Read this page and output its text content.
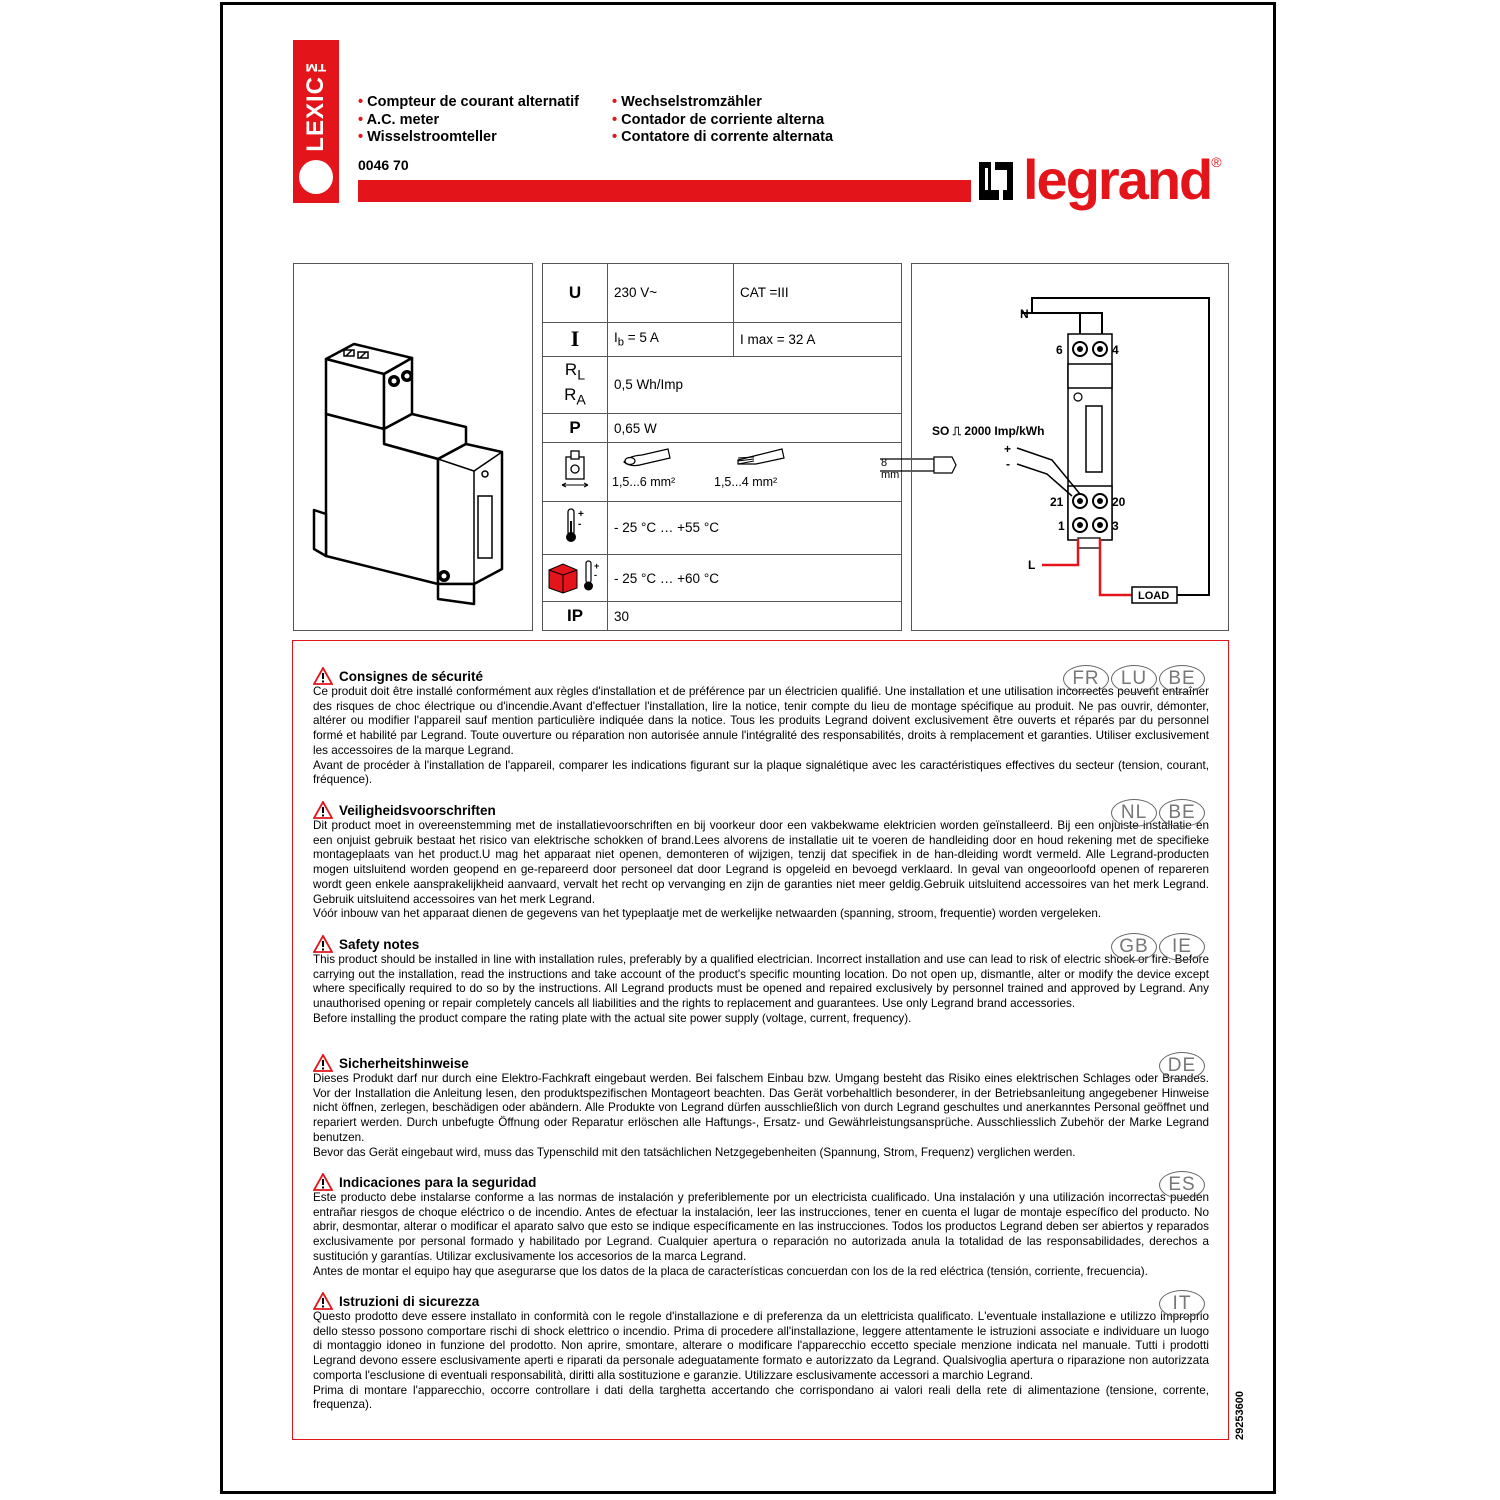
LEXIC™	• Compteur de courant alternatif
• A.C. meter
• Wisselstroomteller
• Wechselstromzähler
• Contador de corriente alterna
• Contatore di corrente alternata
0046 70	legrand ®
U	230 V~	CAT =III
I	$I_b = 5$ A	I max = 32 A
$R_L$
$R_A$	0,5 Wh/Imp	
P	0,65 W	

1,5...6 mm² 1,5...4 mm²
8 mm	

+
-	- 25 °C … +55 °C	

+
-	- 25 °C … +60 °C	
IP	30	
LOAD
N
6	4
21	20
1	3
SO ⎍ 2000 Imp/kWh
+
-
L
FR	LU	BE
Consignes de sécurité

Ce produit doit être installé conformément aux règles d'installation et de préférence par un électricien qualifié. Une installation et une utilisation incorrectes peuvent entraîner des risques de choc électrique ou d'incendie.Avant d'effectuer l'installation, lire la notice, tenir compte du lieu de montage spécifique au produit. Ne pas ouvrir, démonter, altérer ou modifier l'appareil sauf mention particulière indiquée dans la notice. Tous les produits Legrand doivent exclusivement être ouverts et réparés par du personnel formé et habilité par Legrand. Toute ouverture ou réparation non autorisée annule l'intégralité des responsabilités, droits à remplacement et garanties. Utiliser exclusivement les accessoires de la marque Legrand.

Avant de procéder à l'installation de l'appareil, comparer les indications figurant sur la plaque signalétique avec les caractéristiques effectives du secteur (tension, courant, fréquence).

NL	BE
Veiligheidsvoorschriften

Dit product moet in overeenstemming met de installatievoorschriften en bij voorkeur door een vakbekwame elektricien worden geïnstalleerd. Bij een onjuiste installatie en een onjuist gebruik bestaat het risico van elektrische schokken of brand.Lees alvorens de installatie uit te voeren de handleiding door en houd rekening met de specifieke montageplaats van het product.U mag het apparaat niet openen, demonteren of wijzigen, tenzij dat specifiek in de han-dleiding wordt vermeld. Alle Legrand-producten mogen uitsluitend worden geopend en ge-repareerd door personeel dat door Legrand is opgeleid en bevoegd verklaard. In geval van ongeoorloofd openen of repareren wordt geen enkele aansprakelijkheid aanvaard, vervalt het recht op vervanging en zijn de garanties niet meer geldig.Gebruik uitsluitend accessoires van het merk Legrand. Gebruik uitsluitend accessoires van het merk Legrand.

Vóór inbouw van het apparaat dienen de gegevens van het typeplaatje met de werkelijke netwaarden (spanning, stroom, frequentie) worden vergeleken.

GB	IE
Safety notes

This product should be installed in line with installation rules, preferably by a qualified electrician. Incorrect installation and use can lead to risk of electric shock or fire. Before carrying out the installation, read the instructions and take account of the product's specific mounting location. Do not open up, dismantle, alter or modify the device except where specifically required to do so by the instructions. All Legrand products must be opened and repaired exclusively by personnel trained and approved by Legrand. Any unauthorised opening or repair completely cancels all liabilities and the rights to replacement and guarantees. Use only Legrand brand accessories.

Before installing the product compare the rating plate with the actual site power supply (voltage, current, frequency).

DE
Sicherheitshinweise

Dieses Produkt darf nur durch eine Elektro-Fachkraft eingebaut werden. Bei falschem Einbau bzw. Umgang besteht das Risiko eines elektrischen Schlages oder Brandes. Vor der Installation die Anleitung lesen, den produktspezifischen Montageort beachten. Das Gerät vorbehaltlich besonderer, in der Betriebsanleitung angegebener Hinweise nicht öffnen, zerlegen, beschädigen oder abändern. Alle Produkte von Legrand dürfen ausschließlich von durch Legrand geschultes und anerkanntes Personal geöffnet und repariert werden. Durch unbefugte Öffnung oder Reparatur erlöschen alle Haftungs-, Ersatz- und Gewährleistungsansprüche. Ausschliesslich Zubehör der Marke Legrand benutzen.

Bevor das Gerät eingebaut wird, muss das Typenschild mit den tatsächlichen Netzgegebenheiten (Spannung, Strom, Frequenz) verglichen werden.

ES
Indicaciones para la seguridad

Este producto debe instalarse conforme a las normas de instalación y preferiblemente por un electricista cualificado. Una instalación y una utilización incorrectas pueden entrañar riesgos de choque eléctrico o de incendio. Antes de efectuar la instalación, leer las instrucciones, tener en cuenta el lugar de montaje específico del producto. No abrir, desmontar, alterar o modificar el aparato salvo que esto se indique específicamente en las instrucciones. Todos los productos Legrand deben ser abiertos y reparados exclusivamente por personal formado y habilitado por Legrand. Cualquier apertura o reparación no autorizada anula la totalidad de las responsabilidades, derechos a sustitución y garantías. Utilizar exclusivamente los accesorios de la marca Legrand.

Antes de montar el equipo hay que asegurarse que los datos de la placa de características concuerdan con los de la red eléctrica (tensión, corriente, frecuencia).

IT
Istruzioni di sicurezza

Questo prodotto deve essere installato in conformità con le regole d'installazione e di preferenza da un elettricista qualificato. L'eventuale installazione e utilizzo improprio dello stesso possono comportare rischi di shock elettrico o incendio. Prima di procedere all'installazione, leggere attentamente le istruzioni associate e individuare un luogo di montaggio idoneo in funzione del prodotto. Non aprire, smontare, alterare o modificare l'apparecchio eccetto speciale menzione indicata nel manuale. Tutti i prodotti Legrand devono essere esclusivamente aperti e riparati da personale adeguatamente formato e autorizzato da Legrand. Qualsivoglia apertura o riparazione non autorizzata comporta l'esclusione di eventuali responsabilità, diritti alla sostituzione e garanzie. Utilizzare esclusivamente accessori a marchio Legrand.

Prima di montare l'apparecchio, occorre controllare i dati della targhetta accertando che corrispondano ai valori reali della rete di alimentazione (tensione, corrente, frequenza).	29253600
